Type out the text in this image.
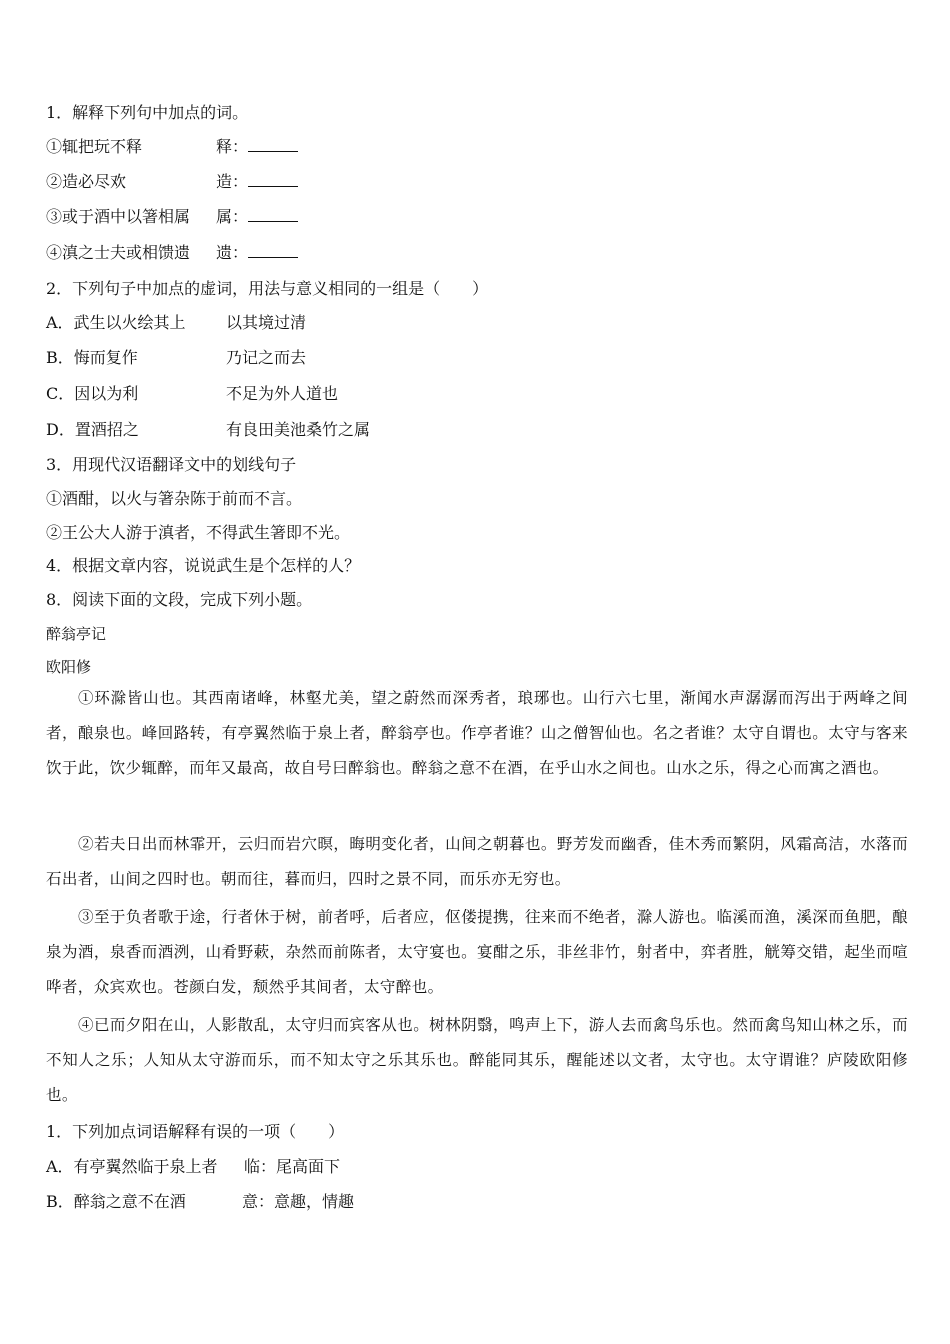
1．解释下列句中加点的词。
①辄把玩不释	释：
②造必尽欢	造：
③或于酒中以箸相属	属：
④滇之士夫或相馈遗	遗：
2．下列句子中加点的虚词，用法与意义相同的一组是（　　）
A．武生以火绘其上	以其境过清
B．悔而复作	乃记之而去
C．因以为利	不足为外人道也
D．置酒招之	有良田美池桑竹之属
3．用现代汉语翻译文中的划线句子
①酒酣，以火与箸杂陈于前而不言。
②王公大人游于滇者，不得武生箸即不光。
4．根据文章内容，说说武生是个怎样的人？
8．阅读下面的文段，完成下列小题。
醉翁亭记
欧阳修
①环滁皆山也。其西南诸峰，林壑尤美，望之蔚然而深秀者，琅琊也。山行六七里，渐闻水声潺潺而泻出于两峰之间者，酿泉也。峰回路转，有亭翼然临于泉上者，醉翁亭也。作亭者谁？山之僧智仙也。名之者谁？太守自谓也。太守与客来饮于此，饮少辄醉，而年又最高，故自号曰醉翁也。醉翁之意不在酒，在乎山水之间也。山水之乐，得之心而寓之酒也。
②若夫日出而林霏开，云归而岩穴暝，晦明变化者，山间之朝暮也。野芳发而幽香，佳木秀而繁阴，风霜高洁，水落而石出者，山间之四时也。朝而往，暮而归，四时之景不同，而乐亦无穷也。
③至于负者歌于途，行者休于树，前者呼，后者应，伛偻提携，往来而不绝者，滁人游也。临溪而渔，溪深而鱼肥，酿泉为酒，泉香而酒洌，山肴野蔌，杂然而前陈者，太守宴也。宴酣之乐，非丝非竹，射者中，弈者胜，觥筹交错，起坐而喧哗者，众宾欢也。苍颜白发，颓然乎其间者，太守醉也。
④已而夕阳在山，人影散乱，太守归而宾客从也。树林阴翳，鸣声上下，游人去而禽鸟乐也。然而禽鸟知山林之乐，而不知人之乐；人知从太守游而乐，而不知太守之乐其乐也。醉能同其乐，醒能述以文者，太守也。太守谓谁？庐陵欧阳修也。
1．下列加点词语解释有误的一项（　　）
A．有亭翼然临于泉上者	临：尾高面下
B．醉翁之意不在酒	意：意趣，情趣
